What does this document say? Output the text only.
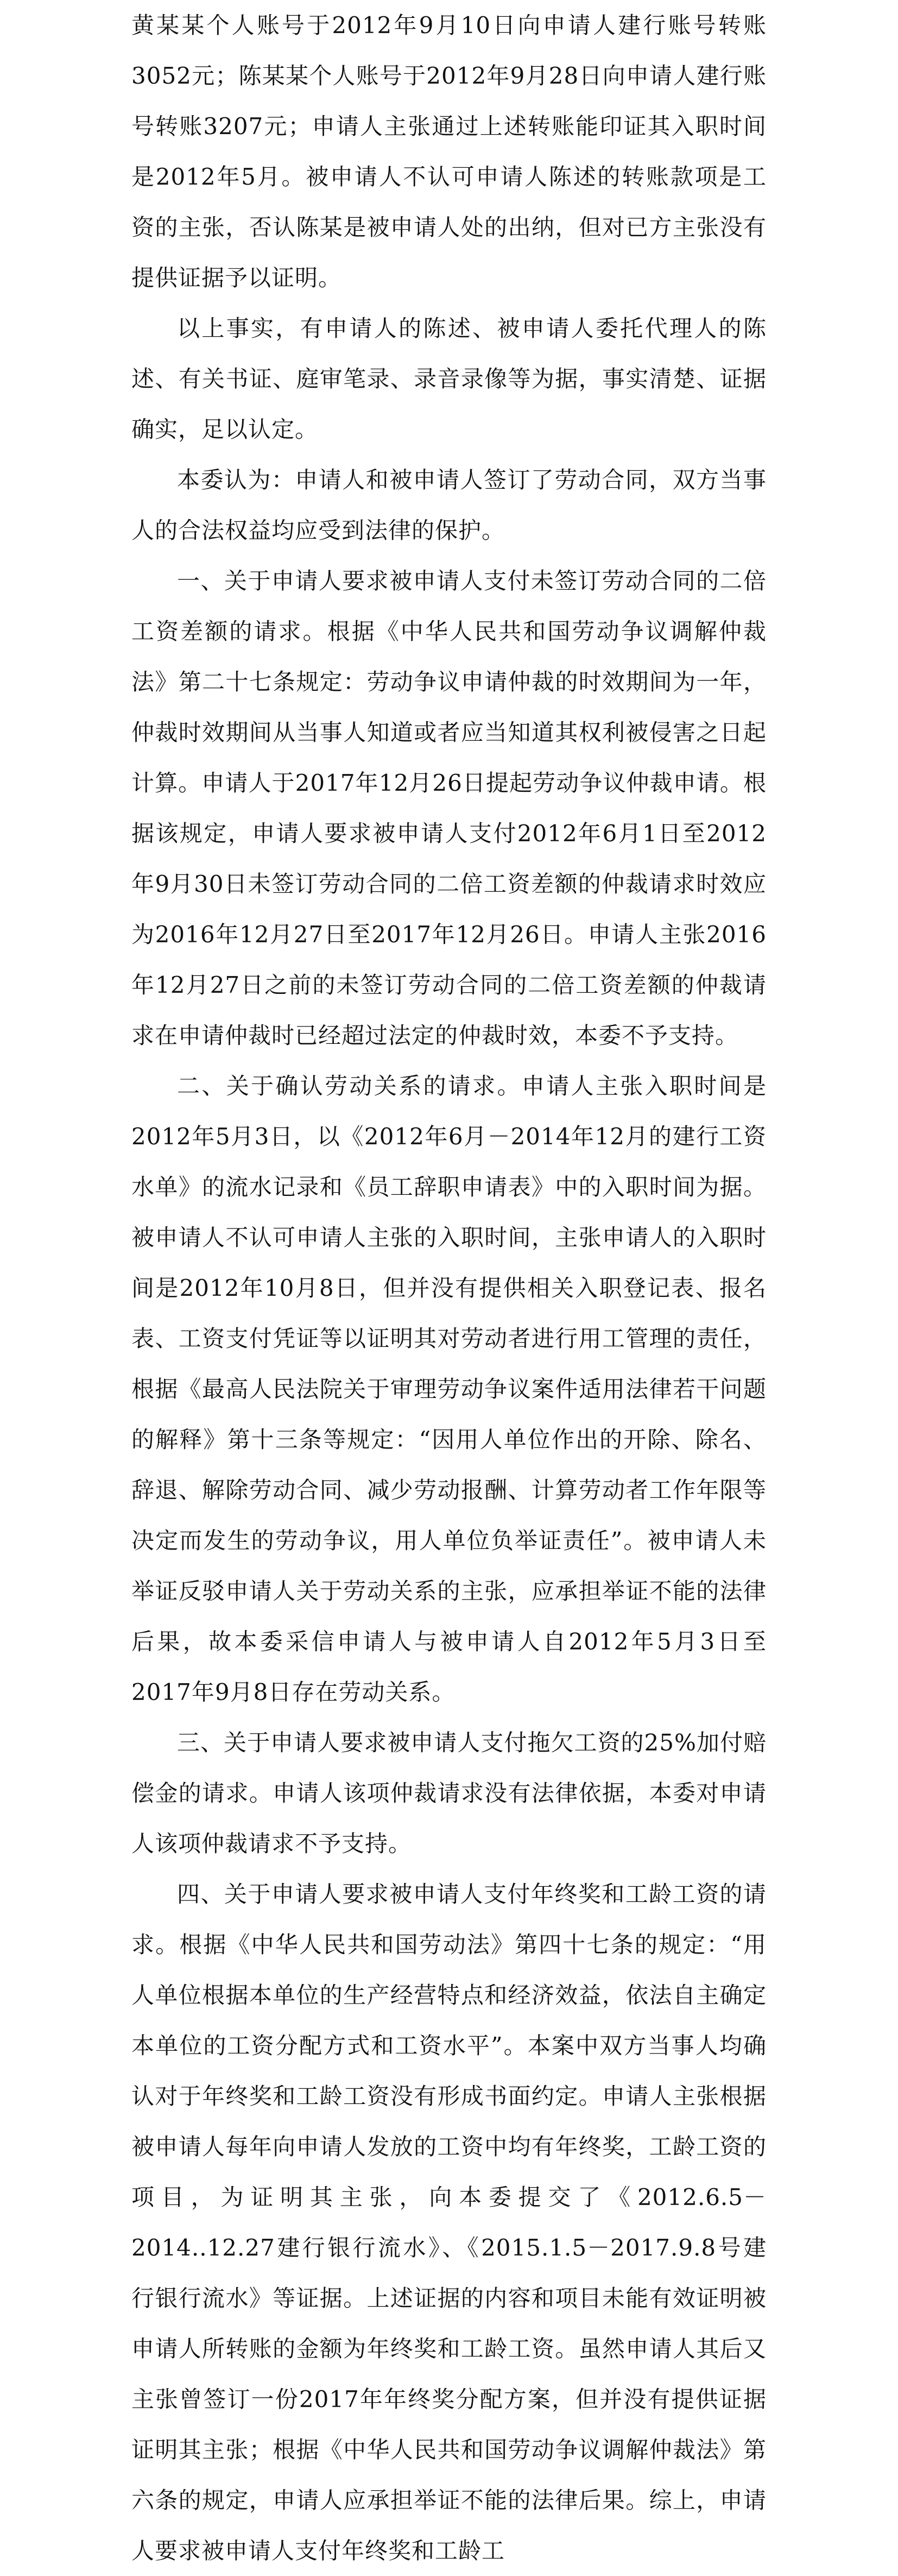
黄某某个人账号于2012年9月10日向申请人建行账号转账3052元；陈某某个人账号于2012年9月28日向申请人建行账号转账3207元；申请人主张通过上述转账能印证其入职时间是2012年5月。被申请人不认可申请人陈述的转账款项是工资的主张，否认陈某是被申请人处的出纳，但对已方主张没有提供证据予以证明。

以上事实，有申请人的陈述、被申请人委托代理人的陈述、有关书证、庭审笔录、录音录像等为据，事实清楚、证据确实，足以认定。

本委认为：申请人和被申请人签订了劳动合同，双方当事人的合法权益均应受到法律的保护。

一、关于申请人要求被申请人支付未签订劳动合同的二倍工资差额的请求。根据《中华人民共和国劳动争议调解仲裁法》第二十七条规定：劳动争议申请仲裁的时效期间为一年，仲裁时效期间从当事人知道或者应当知道其权利被侵害之日起计算。申请人于2017年12月26日提起劳动争议仲裁申请。根据该规定，申请人要求被申请人支付2012年6月1日至2012年9月30日未签订劳动合同的二倍工资差额的仲裁请求时效应为2016年12月27日至2017年12月26日。申请人主张2016年12月27日之前的未签订劳动合同的二倍工资差额的仲裁请求在申请仲裁时已经超过法定的仲裁时效，本委不予支持。

二、关于确认劳动关系的请求。申请人主张入职时间是2012年5月3日，以《2012年6月－2014年12月的建行工资水单》的流水记录和《员工辞职申请表》中的入职时间为据。被申请人不认可申请人主张的入职时间，主张申请人的入职时间是2012年10月8日，但并没有提供相关入职登记表、报名表、工资支付凭证等以证明其对劳动者进行用工管理的责任，根据《最高人民法院关于审理劳动争议案件适用法律若干问题的解释》第十三条等规定：“因用人单位作出的开除、除名、辞退、解除劳动合同、减少劳动报酬、计算劳动者工作年限等决定而发生的劳动争议，用人单位负举证责任”。被申请人未举证反驳申请人关于劳动关系的主张，应承担举证不能的法律后果，故本委采信申请人与被申请人自2012年5月3日至2017年9月8日存在劳动关系。

三、关于申请人要求被申请人支付拖欠工资的25%加付赔偿金的请求。申请人该项仲裁请求没有法律依据，本委对申请人该项仲裁请求不予支持。

四、关于申请人要求被申请人支付年终奖和工龄工资的请求。根据《中华人民共和国劳动法》第四十七条的规定：“用人单位根据本单位的生产经营特点和经济效益，依法自主确定本单位的工资分配方式和工资水平”。本案中双方当事人均确认对于年终奖和工龄工资没有形成书面约定。申请人主张根据被申请人每年向申请人发放的工资中均有年终奖，工龄工资的项目，为证明其主张，向本委提交了《2012.6.5－2014..12.27建行银行流水》、《2015.1.5－2017.9.8号建行银行流水》等证据。上述证据的内容和项目未能有效证明被申请人所转账的金额为年终奖和工龄工资。虽然申请人其后又主张曾签订一份2017年年终奖分配方案，但并没有提供证据证明其主张；根据《中华人民共和国劳动争议调解仲裁法》第六条的规定，申请人应承担举证不能的法律后果。综上，申请人要求被申请人支付年终奖和工龄工
